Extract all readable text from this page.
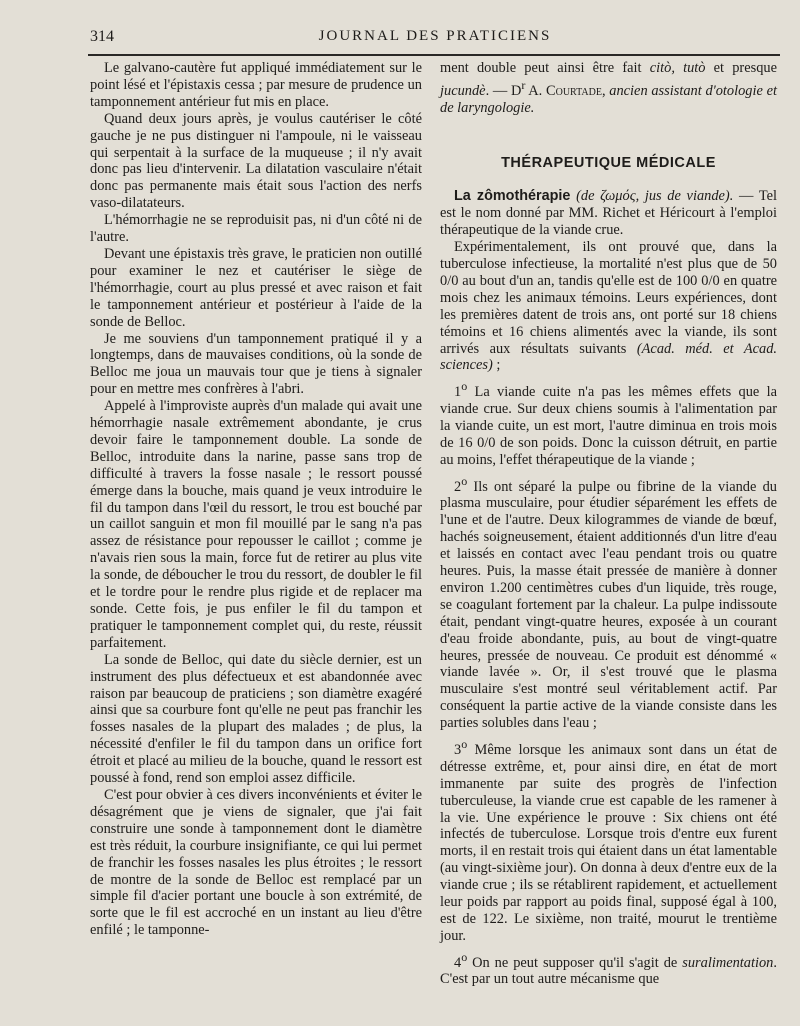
314	JOURNAL DES PRATICIENS

Le galvano-cautère fut appliqué immédiatement sur le point lésé et l'épistaxis cessa ; par mesure de prudence un tamponnement antérieur fut mis en place.

Quand deux jours après, je voulus cautériser le côté gauche je ne pus distinguer ni l'ampoule, ni le vaisseau qui serpentait à la surface de la muqueuse ; il n'y avait donc pas lieu d'intervenir. La dilatation vasculaire n'était donc pas permanente mais était sous l'action des nerfs vaso-dilatateurs.

L'hémorrhagie ne se reproduisit pas, ni d'un côté ni de l'autre.

Devant une épistaxis très grave, le praticien non outillé pour examiner le nez et cautériser le siège de l'hémorrhagie, court au plus pressé et avec raison et fait le tamponnement antérieur et postérieur à l'aide de la sonde de Belloc.

Je me souviens d'un tamponnement pratiqué il y a longtemps, dans de mauvaises conditions, où la sonde de Belloc me joua un mauvais tour que je tiens à signaler pour en mettre mes confrères à l'abri.

Appelé à l'improviste auprès d'un malade qui avait une hémorrhagie nasale extrêmement abondante, je crus devoir faire le tamponnement double. La sonde de Belloc, introduite dans la narine, passe sans trop de difficulté à travers la fosse nasale ; le ressort poussé émerge dans la bouche, mais quand je veux introduire le fil du tampon dans l'œil du ressort, le trou est bouché par un caillot sanguin et mon fil mouillé par le sang n'a pas assez de résistance pour repousser le caillot ; comme je n'avais rien sous la main, force fut de retirer au plus vite la sonde, de déboucher le trou du ressort, de doubler le fil et le tordre pour le rendre plus rigide et de replacer ma sonde. Cette fois, je pus enfiler le fil du tampon et pratiquer le tamponnement complet qui, du reste, réussit parfaitement.

La sonde de Belloc, qui date du siècle dernier, est un instrument des plus défectueux et est abandonnée avec raison par beaucoup de praticiens ; son diamètre exagéré ainsi que sa courbure font qu'elle ne peut pas franchir les fosses nasales de la plupart des malades ; de plus, la nécessité d'enfiler le fil du tampon dans un orifice fort étroit et placé au milieu de la bouche, quand le ressort est poussé à fond, rend son emploi assez difficile.

C'est pour obvier à ces divers inconvénients et éviter le désagrément que je viens de signaler, que j'ai fait construire une sonde à tamponnement dont le diamètre est très réduit, la courbure insignifiante, ce qui lui permet de franchir les fosses nasales les plus étroites ; le ressort de montre de la sonde de Belloc est remplacé par un simple fil d'acier portant une boucle à son extrémité, de sorte que le fil est accroché en un instant au lieu d'être enfilé ; le tamponne-

ment double peut ainsi être fait citò, tutò et presque jucundè. — $D^r$ A. Courtade, ancien assistant d'otologie et de laryngologie.

THÉRAPEUTIQUE MÉDICALE

La zômothérapie (de ζωμός, jus de viande). — Tel est le nom donné par MM. Richet et Héricourt à l'emploi thérapeutique de la viande crue.

Expérimentalement, ils ont prouvé que, dans la tuberculose infectieuse, la mortalité n'est plus que de 50 0/0 au bout d'un an, tandis qu'elle est de 100 0/0 en quatre mois chez les animaux témoins. Leurs expériences, dont les premières datent de trois ans, ont porté sur 18 chiens témoins et 16 chiens alimentés avec la viande, ils sont arrivés aux résultats suivants (Acad. méd. et Acad. sciences) ;

1$^o$ La viande cuite n'a pas les mêmes effets que la viande crue. Sur deux chiens soumis à l'alimentation par la viande cuite, un est mort, l'autre diminua en trois mois de 16 0/0 de son poids. Donc la cuisson détruit, en partie au moins, l'effet thérapeutique de la viande ;

2$^o$ Ils ont séparé la pulpe ou fibrine de la viande du plasma musculaire, pour étudier séparément les effets de l'une et de l'autre. Deux kilogrammes de viande de bœuf, hachés soigneusement, étaient additionnés d'un litre d'eau et laissés en contact avec l'eau pendant trois ou quatre heures. Puis, la masse était pressée de manière à donner environ 1.200 centimètres cubes d'un liquide, très rouge, se coagulant fortement par la chaleur. La pulpe indissoute était, pendant vingt-quatre heures, exposée à un courant d'eau froide abondante, puis, au bout de vingt-quatre heures, pressée de nouveau. Ce produit est dénommé « viande lavée ». Or, il s'est trouvé que le plasma musculaire s'est montré seul véritablement actif. Par conséquent la partie active de la viande consiste dans les parties solubles dans l'eau ;

3$^o$ Même lorsque les animaux sont dans un état de détresse extrême, et, pour ainsi dire, en état de mort immanente par suite des progrès de l'infection tuberculeuse, la viande crue est capable de les ramener à la vie. Une expérience le prouve : Six chiens ont été infectés de tuberculose. Lorsque trois d'entre eux furent morts, il en restait trois qui étaient dans un état lamentable (au vingt-sixième jour). On donna à deux d'entre eux de la viande crue ; ils se rétablirent rapidement, et actuellement leur poids par rapport au poids final, supposé égal à 100, est de 122. Le sixième, non traité, mourut le trentième jour.

4$^o$ On ne peut supposer qu'il s'agit de suralimentation. C'est par un tout autre mécanisme que
